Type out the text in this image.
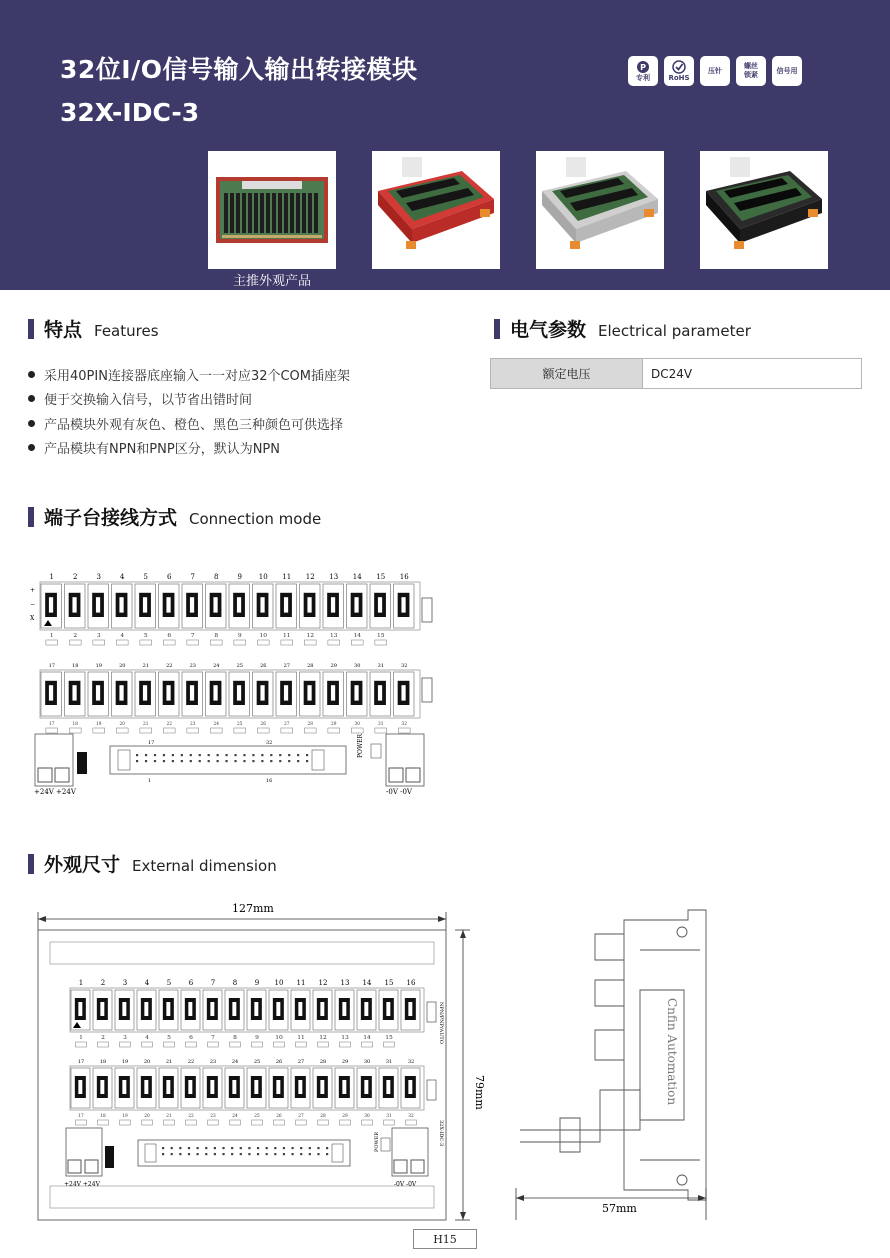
32位I/O信号输入输出转接模块
32X-IDC-3
P
专利	RoHS
压针
螺丝
锁紧
信号用
主推外观产品
特点 Features
采用40PIN连接器底座输入一一对应32个COM插座架
便于交换输入信号，以节省出错时间
产品模块外观有灰色、橙色、黑色三种颜色可供选择
产品模块有NPN和PNP区分，默认为NPN
电气参数 Electrical parameter
额定电压	DC24V
端子台接线方式 Connection mode
1	2	3	4	5	6	7	8	9 10 11 12 13 14 15 16
1	2	3	4	5	6	7	8	9	10	11	12	13	14	15
17	18	19	20	21	22	23	24	25	26	27	28	29	30	31	32
17	18	19	20	21	22	23	24	25	26	27	28	29	30	31	32
+
−
X
17	32
1	16
POWER
+24V +24V	-0V -0V
外观尺寸 External dimension
127mm
79mm
1	2	3	4	5	6	7	8	9 10 11 12 13 14 15 16
1	2	3	4	5	6	7	8	9	10 11 12 13 14 15
17	18	19	20	21	22	23	24	25	26	27	28	29	30	31	32
17	18	19	20	21	22	23	24	25	26	27	28	29	30	31	32
NPN/PNP/AUTO
32X-IDC-3
POWER
+24V +24V	-0V -0V
Cnfin Automation
57mm
H15
